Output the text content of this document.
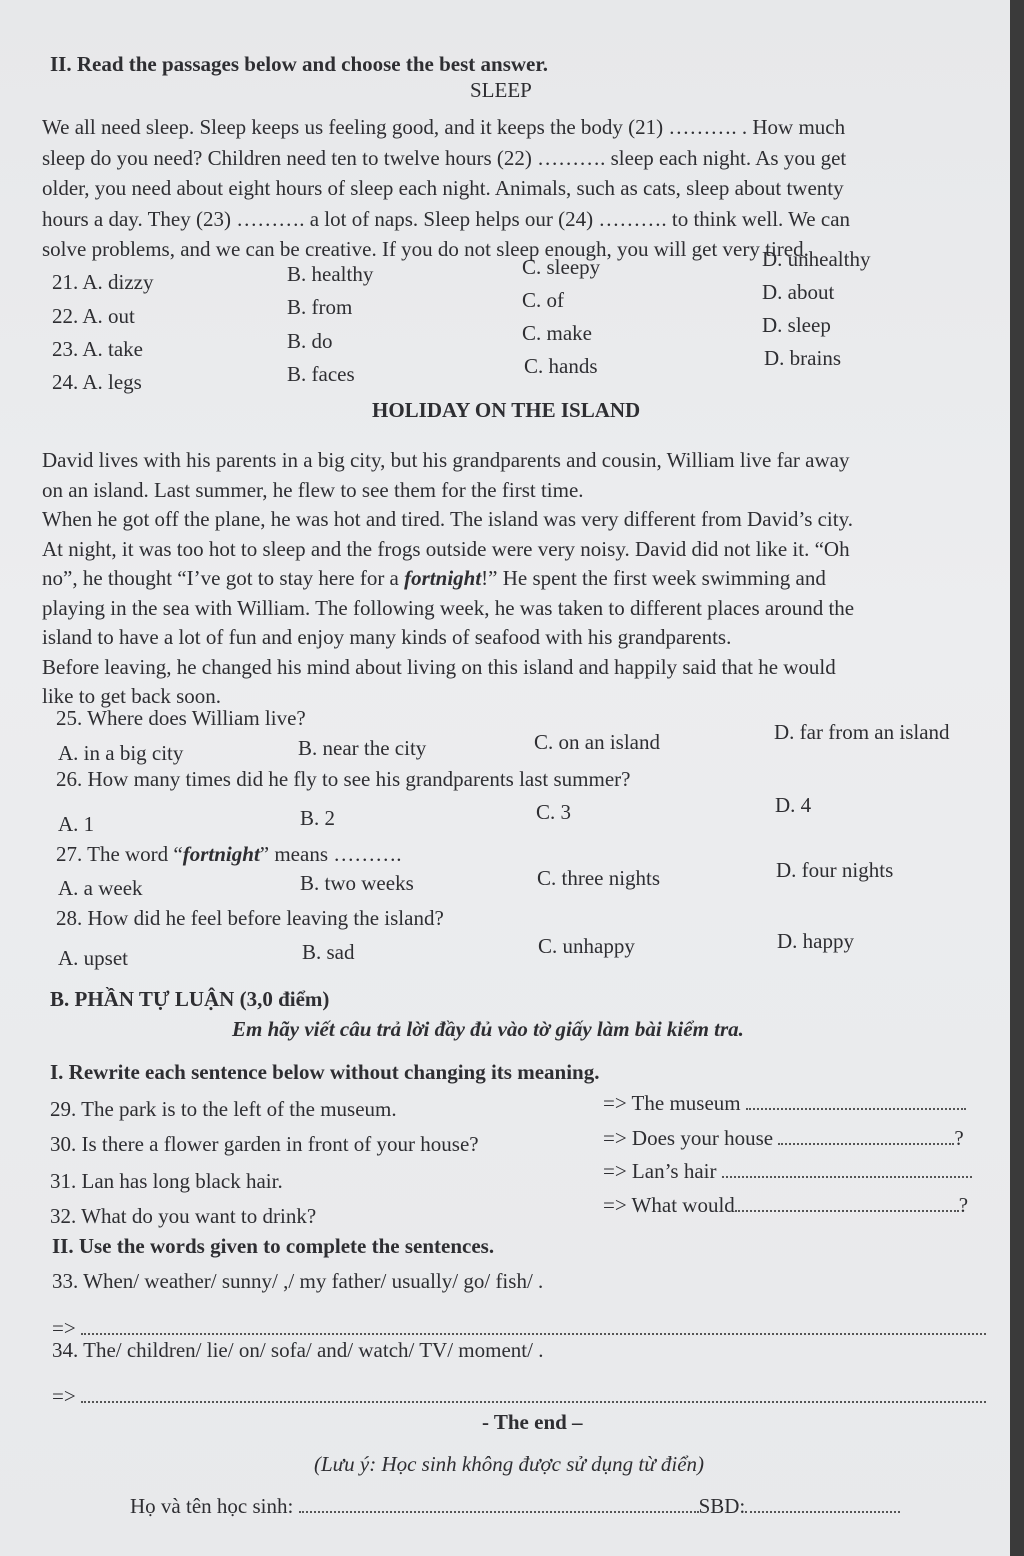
II. Read the passages below and choose the best answer.
SLEEP

We all need sleep. Sleep keeps us feeling good, and it keeps the body (21) ………. . How much

sleep do you need? Children need ten to twelve hours (22) ………. sleep each night. As you get

older, you need about eight hours of sleep each night. Animals, such as cats, sleep about twenty

hours a day. They (23) ………. a lot of naps. Sleep helps our (24) ………. to think well. We can

solve problems, and we can be creative. If you do not sleep enough, you will get very tired.

21. A. dizzy	B. healthy	C. sleepy	D. unhealthy
22. A. out	B. from	C. of	D. about
23. A. take	B. do	C. make	D. sleep
24. A. legs	B. faces	C. hands	D. brains
HOLIDAY ON THE ISLAND

David lives with his parents in a big city, but his grandparents and cousin, William live far away

on an island. Last summer, he flew to see them for the first time.

When he got off the plane, he was hot and tired. The island was very different from David’s city.

At night, it was too hot to sleep and the frogs outside were very noisy. David did not like it. “Oh

no”, he thought “I’ve got to stay here for a fortnight!” He spent the first week swimming and

playing in the sea with William. The following week, he was taken to different places around the

island to have a lot of fun and enjoy many kinds of seafood with his grandparents.

Before leaving, he changed his mind about living on this island and happily said that he would

like to get back soon.

25. Where does William live?
A. in a big city	B. near the city	C. on an island	D. far from an island
26. How many times did he fly to see his grandparents last summer?
A. 1	B. 2	C. 3	D. 4
27. The word “fortnight” means ……….
A. a week	B. two weeks	C. three nights	D. four nights
28. How did he feel before leaving the island?
A. upset	B. sad	C. unhappy	D. happy
B. PHẦN TỰ LUẬN (3,0 điểm)
Em hãy viết câu trả lời đầy đủ vào tờ giấy làm bài kiểm tra.
I. Rewrite each sentence below without changing its meaning.
29. The park is to the left of the museum.	=> The museum
30. Is there a flower garden in front of your house?	=> Does your house	?
31. Lan has long black hair.	=> Lan’s hair
32. What do you want to drink?	=> What would	?
II. Use the words given to complete the sentences.
33. When/ weather/ sunny/ ,/ my father/ usually/ go/ fish/ .
=>
34. The/ children/ lie/ on/ sofa/ and/ watch/ TV/ moment/ .
=>
- The end –
(Lưu ý: Học sinh không được sử dụng từ điển)
Họ và tên học sinh:	SBD:
